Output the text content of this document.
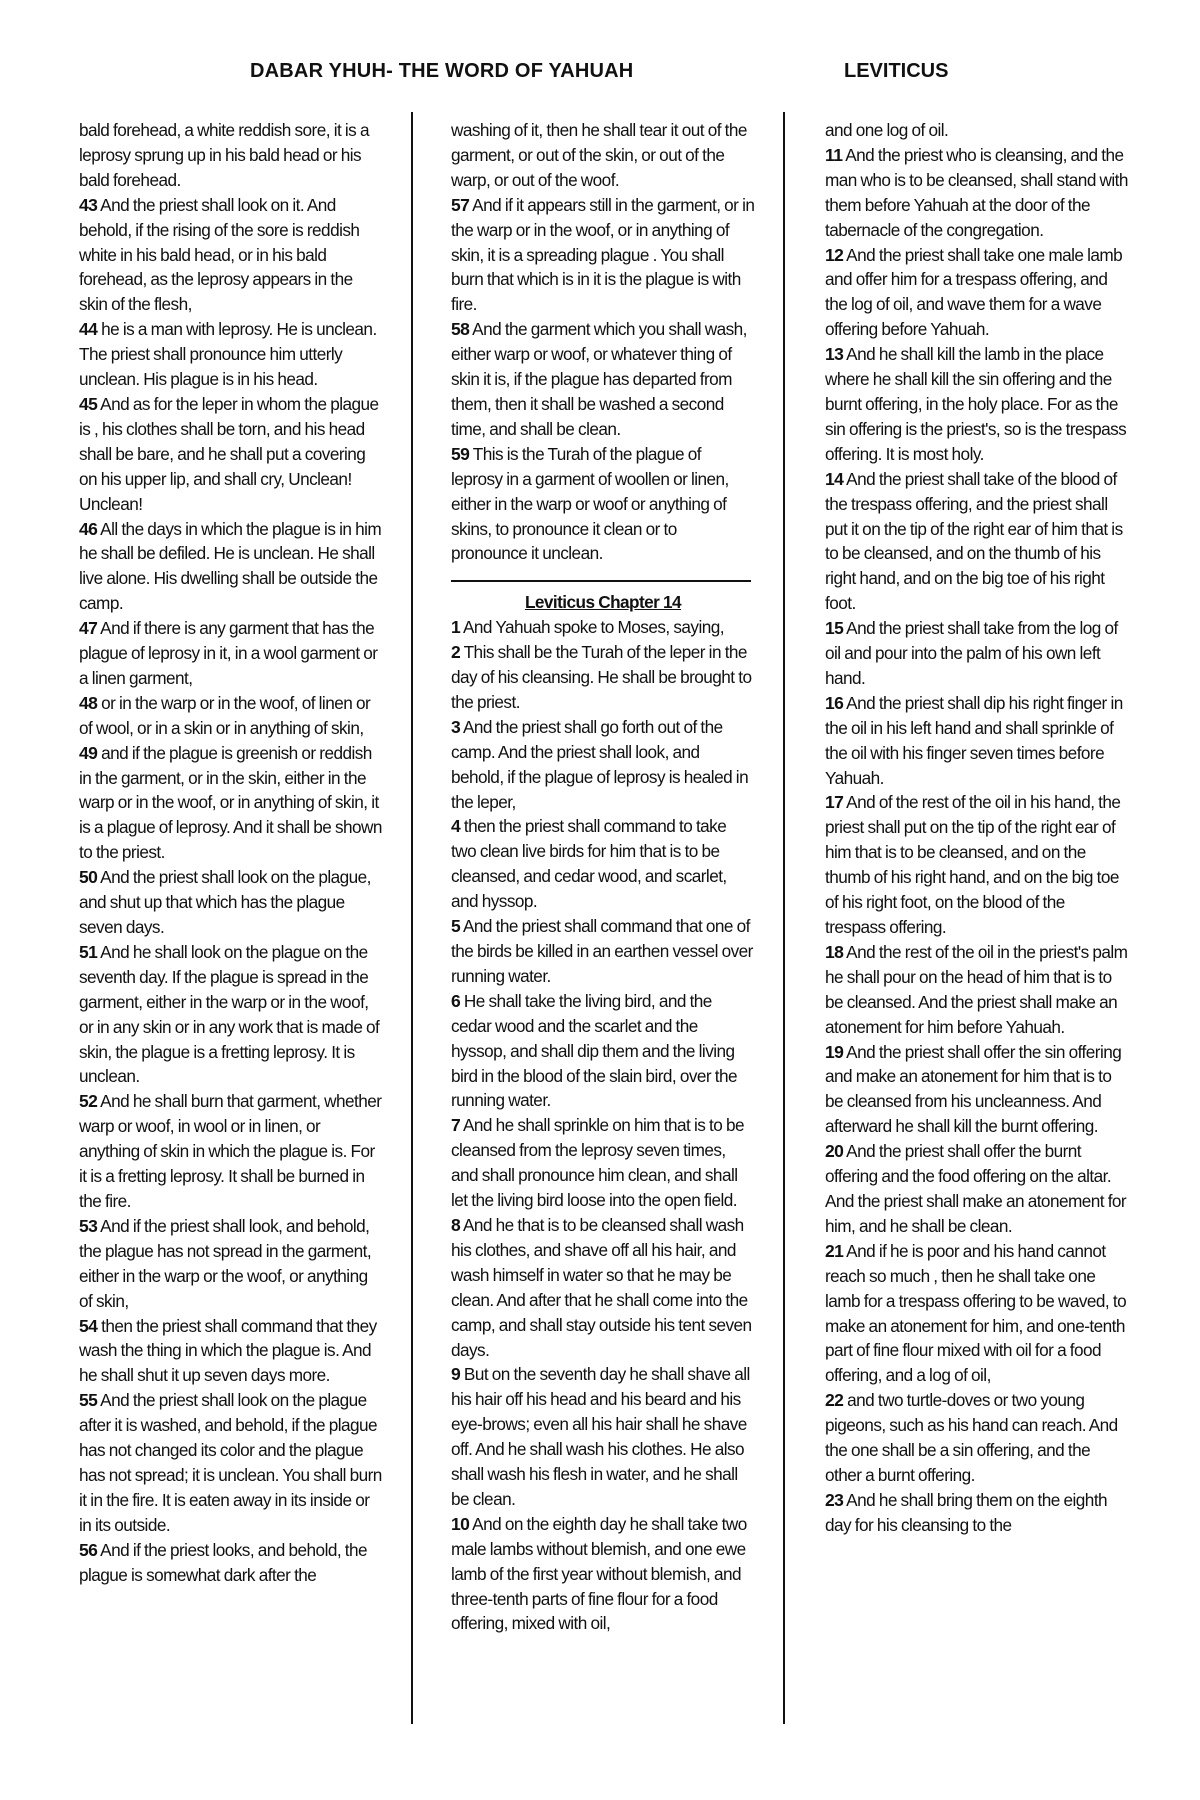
DABAR YHUH- THE WORD OF YAHUAH	LEVITICUS

bald forehead, a white reddish sore, it is a leprosy sprung up in his bald head or his bald forehead.

43 And the priest shall look on it. And behold, if the rising of the sore is reddish white in his bald head, or in his bald forehead, as the leprosy appears in the skin of the flesh,

44 he is a man with leprosy. He is unclean. The priest shall pronounce him utterly unclean. His plague is in his head.

45 And as for the leper in whom the plague is , his clothes shall be torn, and his head shall be bare, and he shall put a covering on his upper lip, and shall cry, Unclean! Unclean!

46 All the days in which the plague is in him he shall be defiled. He is unclean. He shall live alone. His dwelling shall be outside the camp.

47 And if there is any garment that has the plague of leprosy in it, in a wool garment or a linen garment,

48 or in the warp or in the woof, of linen or of wool, or in a skin or in anything of skin,

49 and if the plague is greenish or reddish in the garment, or in the skin, either in the warp or in the woof, or in anything of skin, it is a plague of leprosy. And it shall be shown to the priest.

50 And the priest shall look on the plague, and shut up that which has the plague seven days.

51 And he shall look on the plague on the seventh day. If the plague is spread in the garment, either in the warp or in the woof, or in any skin or in any work that is made of skin, the plague is a fretting leprosy. It is unclean.

52 And he shall burn that garment, whether warp or woof, in wool or in linen, or anything of skin in which the plague is. For it is a fretting leprosy. It shall be burned in the fire.

53 And if the priest shall look, and behold, the plague has not spread in the garment, either in the warp or the woof, or anything of skin,

54 then the priest shall command that they wash the thing in which the plague is. And he shall shut it up seven days more.

55 And the priest shall look on the plague after it is washed, and behold, if the plague has not changed its color and the plague has not spread; it is unclean. You shall burn it in the fire. It is eaten away in its inside or in its outside.

56 And if the priest looks, and behold, the plague is somewhat dark after the

washing of it, then he shall tear it out of the garment, or out of the skin, or out of the warp, or out of the woof.

57 And if it appears still in the garment, or in the warp or in the woof, or in anything of skin, it is a spreading plague . You shall burn that which is in it is the plague is with fire.

58 And the garment which you shall wash, either warp or woof, or whatever thing of skin it is, if the plague has departed from them, then it shall be washed a second time, and shall be clean.

59 This is the Turah of the plague of leprosy in a garment of woollen or linen, either in the warp or woof or anything of skins, to pronounce it clean or to pronounce it unclean.

Leviticus Chapter 14

1 And Yahuah spoke to Moses, saying,

2 This shall be the Turah of the leper in the day of his cleansing. He shall be brought to the priest.

3 And the priest shall go forth out of the camp. And the priest shall look, and behold, if the plague of leprosy is healed in the leper,

4 then the priest shall command to take two clean live birds for him that is to be cleansed, and cedar wood, and scarlet, and hyssop.

5 And the priest shall command that one of the birds be killed in an earthen vessel over running water.

6 He shall take the living bird, and the cedar wood and the scarlet and the hyssop, and shall dip them and the living bird in the blood of the slain bird, over the running water.

7 And he shall sprinkle on him that is to be cleansed from the leprosy seven times, and shall pronounce him clean, and shall let the living bird loose into the open field.

8 And he that is to be cleansed shall wash his clothes, and shave off all his hair, and wash himself in water so that he may be clean. And after that he shall come into the camp, and shall stay outside his tent seven days.

9 But on the seventh day he shall shave all his hair off his head and his beard and his eye-brows; even all his hair shall he shave off. And he shall wash his clothes. He also shall wash his flesh in water, and he shall be clean.

10 And on the eighth day he shall take two male lambs without blemish, and one ewe lamb of the first year without blemish, and three-tenth parts of fine flour for a food offering, mixed with oil,

and one log of oil.

11 And the priest who is cleansing, and the man who is to be cleansed, shall stand with them before Yahuah at the door of the tabernacle of the congregation.

12 And the priest shall take one male lamb and offer him for a trespass offering, and the log of oil, and wave them for a wave offering before Yahuah.

13 And he shall kill the lamb in the place where he shall kill the sin offering and the burnt offering, in the holy place. For as the sin offering is the priest's, so is the trespass offering. It is most holy.

14 And the priest shall take of the blood of the trespass offering, and the priest shall put it on the tip of the right ear of him that is to be cleansed, and on the thumb of his right hand, and on the big toe of his right foot.

15 And the priest shall take from the log of oil and pour into the palm of his own left hand.

16 And the priest shall dip his right finger in the oil in his left hand and shall sprinkle of the oil with his finger seven times before Yahuah.

17 And of the rest of the oil in his hand, the priest shall put on the tip of the right ear of him that is to be cleansed, and on the thumb of his right hand, and on the big toe of his right foot, on the blood of the trespass offering.

18 And the rest of the oil in the priest's palm he shall pour on the head of him that is to be cleansed. And the priest shall make an atonement for him before Yahuah.

19 And the priest shall offer the sin offering and make an atonement for him that is to be cleansed from his uncleanness. And afterward he shall kill the burnt offering.

20 And the priest shall offer the burnt offering and the food offering on the altar. And the priest shall make an atonement for him, and he shall be clean.

21 And if he is poor and his hand cannot reach so much , then he shall take one lamb for a trespass offering to be waved, to make an atonement for him, and one-tenth part of fine flour mixed with oil for a food offering, and a log of oil,

22 and two turtle-doves or two young pigeons, such as his hand can reach. And the one shall be a sin offering, and the other a burnt offering.

23 And he shall bring them on the eighth day for his cleansing to the
